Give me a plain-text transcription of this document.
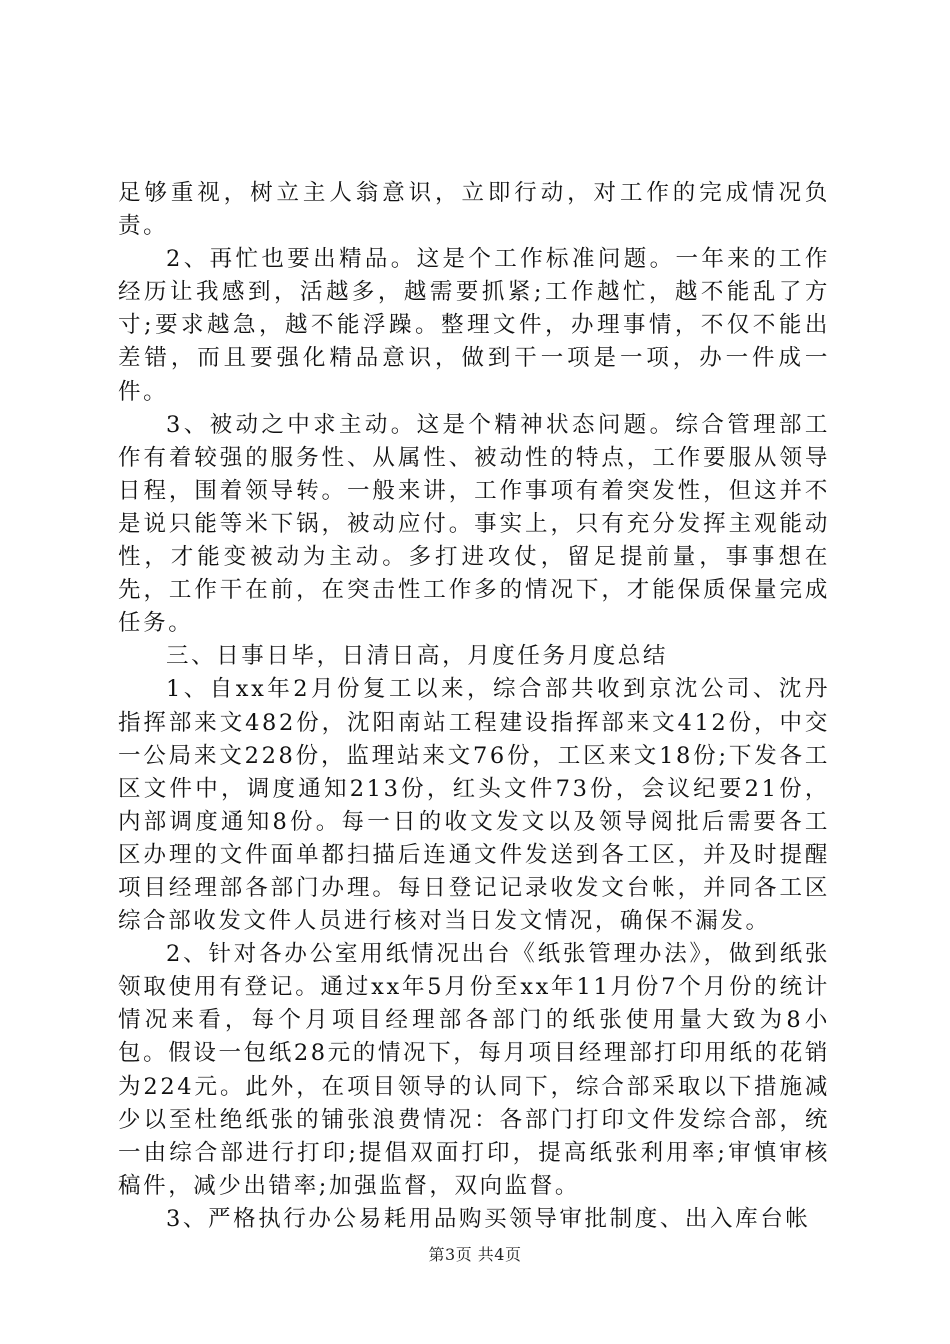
足够重视，树立主人翁意识，立即行动，对工作的完成情况负责。

2、再忙也要出精品。这是个工作标准问题。一年来的工作经历让我感到，活越多，越需要抓紧;工作越忙，越不能乱了方寸;要求越急，越不能浮躁。整理文件，办理事情，不仅不能出差错，而且要强化精品意识，做到干一项是一项，办一件成一件。

3、被动之中求主动。这是个精神状态问题。综合管理部工作有着较强的服务性、从属性、被动性的特点，工作要服从领导日程，围着领导转。一般来讲，工作事项有着突发性，但这并不是说只能等米下锅，被动应付。事实上，只有充分发挥主观能动性，才能变被动为主动。多打进攻仗，留足提前量，事事想在先，工作干在前，在突击性工作多的情况下，才能保质保量完成任务。

三、日事日毕，日清日高，月度任务月度总结

1、自xx年2月份复工以来，综合部共收到京沈公司、沈丹指挥部来文482份，沈阳南站工程建设指挥部来文412份，中交一公局来文228份，监理站来文76份，工区来文18份;下发各工区文件中，调度通知213份，红头文件73份，会议纪要21份，内部调度通知8份。每一日的收文发文以及领导阅批后需要各工区办理的文件面单都扫描后连通文件发送到各工区，并及时提醒项目经理部各部门办理。每日登记记录收发文台帐，并同各工区综合部收发文件人员进行核对当日发文情况，确保不漏发。

2、针对各办公室用纸情况出台《纸张管理办法》，做到纸张领取使用有登记。通过xx年5月份至xx年11月份7个月份的统计情况来看，每个月项目经理部各部门的纸张使用量大致为8小包。假设一包纸28元的情况下，每月项目经理部打印用纸的花销为224元。此外，在项目领导的认同下，综合部采取以下措施减少以至杜绝纸张的铺张浪费情况：各部门打印文件发综合部，统一由综合部进行打印;提倡双面打印，提高纸张利用率;审慎审核稿件，减少出错率;加强监督，双向监督。

3、严格执行办公易耗用品购买领导审批制度、出入库台帐

第3页 共4页
